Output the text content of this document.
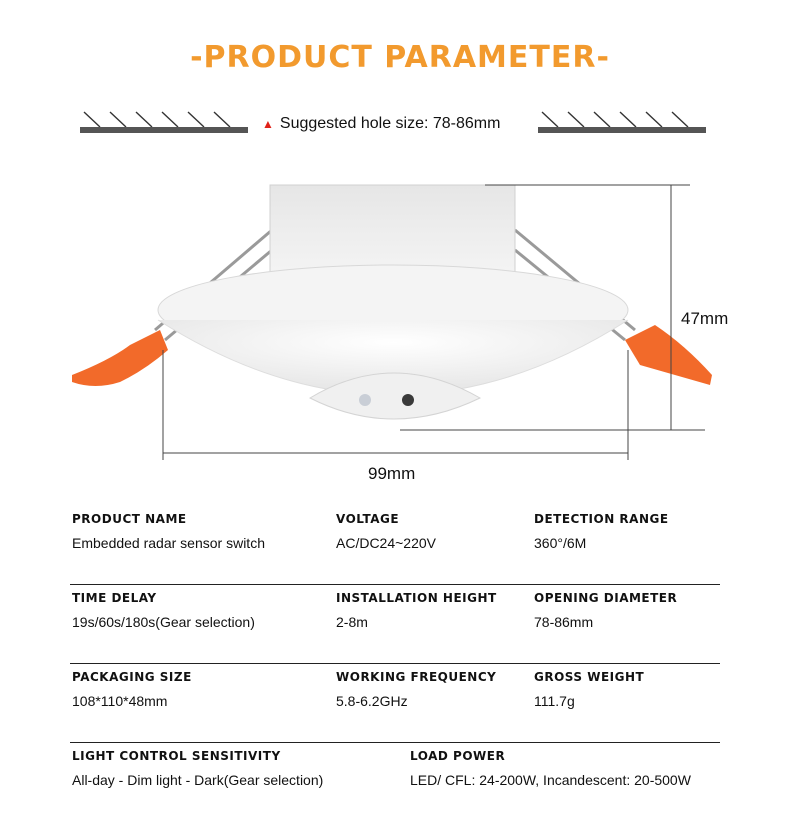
-PRODUCT PARAMETER-
▲ Suggested hole size: 78-86mm
47mm
99mm
PRODUCT NAME
Embedded radar sensor switch
VOLTAGE
AC/DC24~220V
DETECTION RANGE
360°/6M
TIME DELAY
19s/60s/180s(Gear selection)
INSTALLATION HEIGHT
2-8m
OPENING DIAMETER
78-86mm
PACKAGING SIZE
108*110*48mm
WORKING FREQUENCY
5.8-6.2GHz
GROSS WEIGHT
111.7g
LIGHT CONTROL SENSITIVITY
All-day - Dim light - Dark(Gear selection)
LOAD POWER
LED/ CFL: 24-200W, Incandescent: 20-500W
